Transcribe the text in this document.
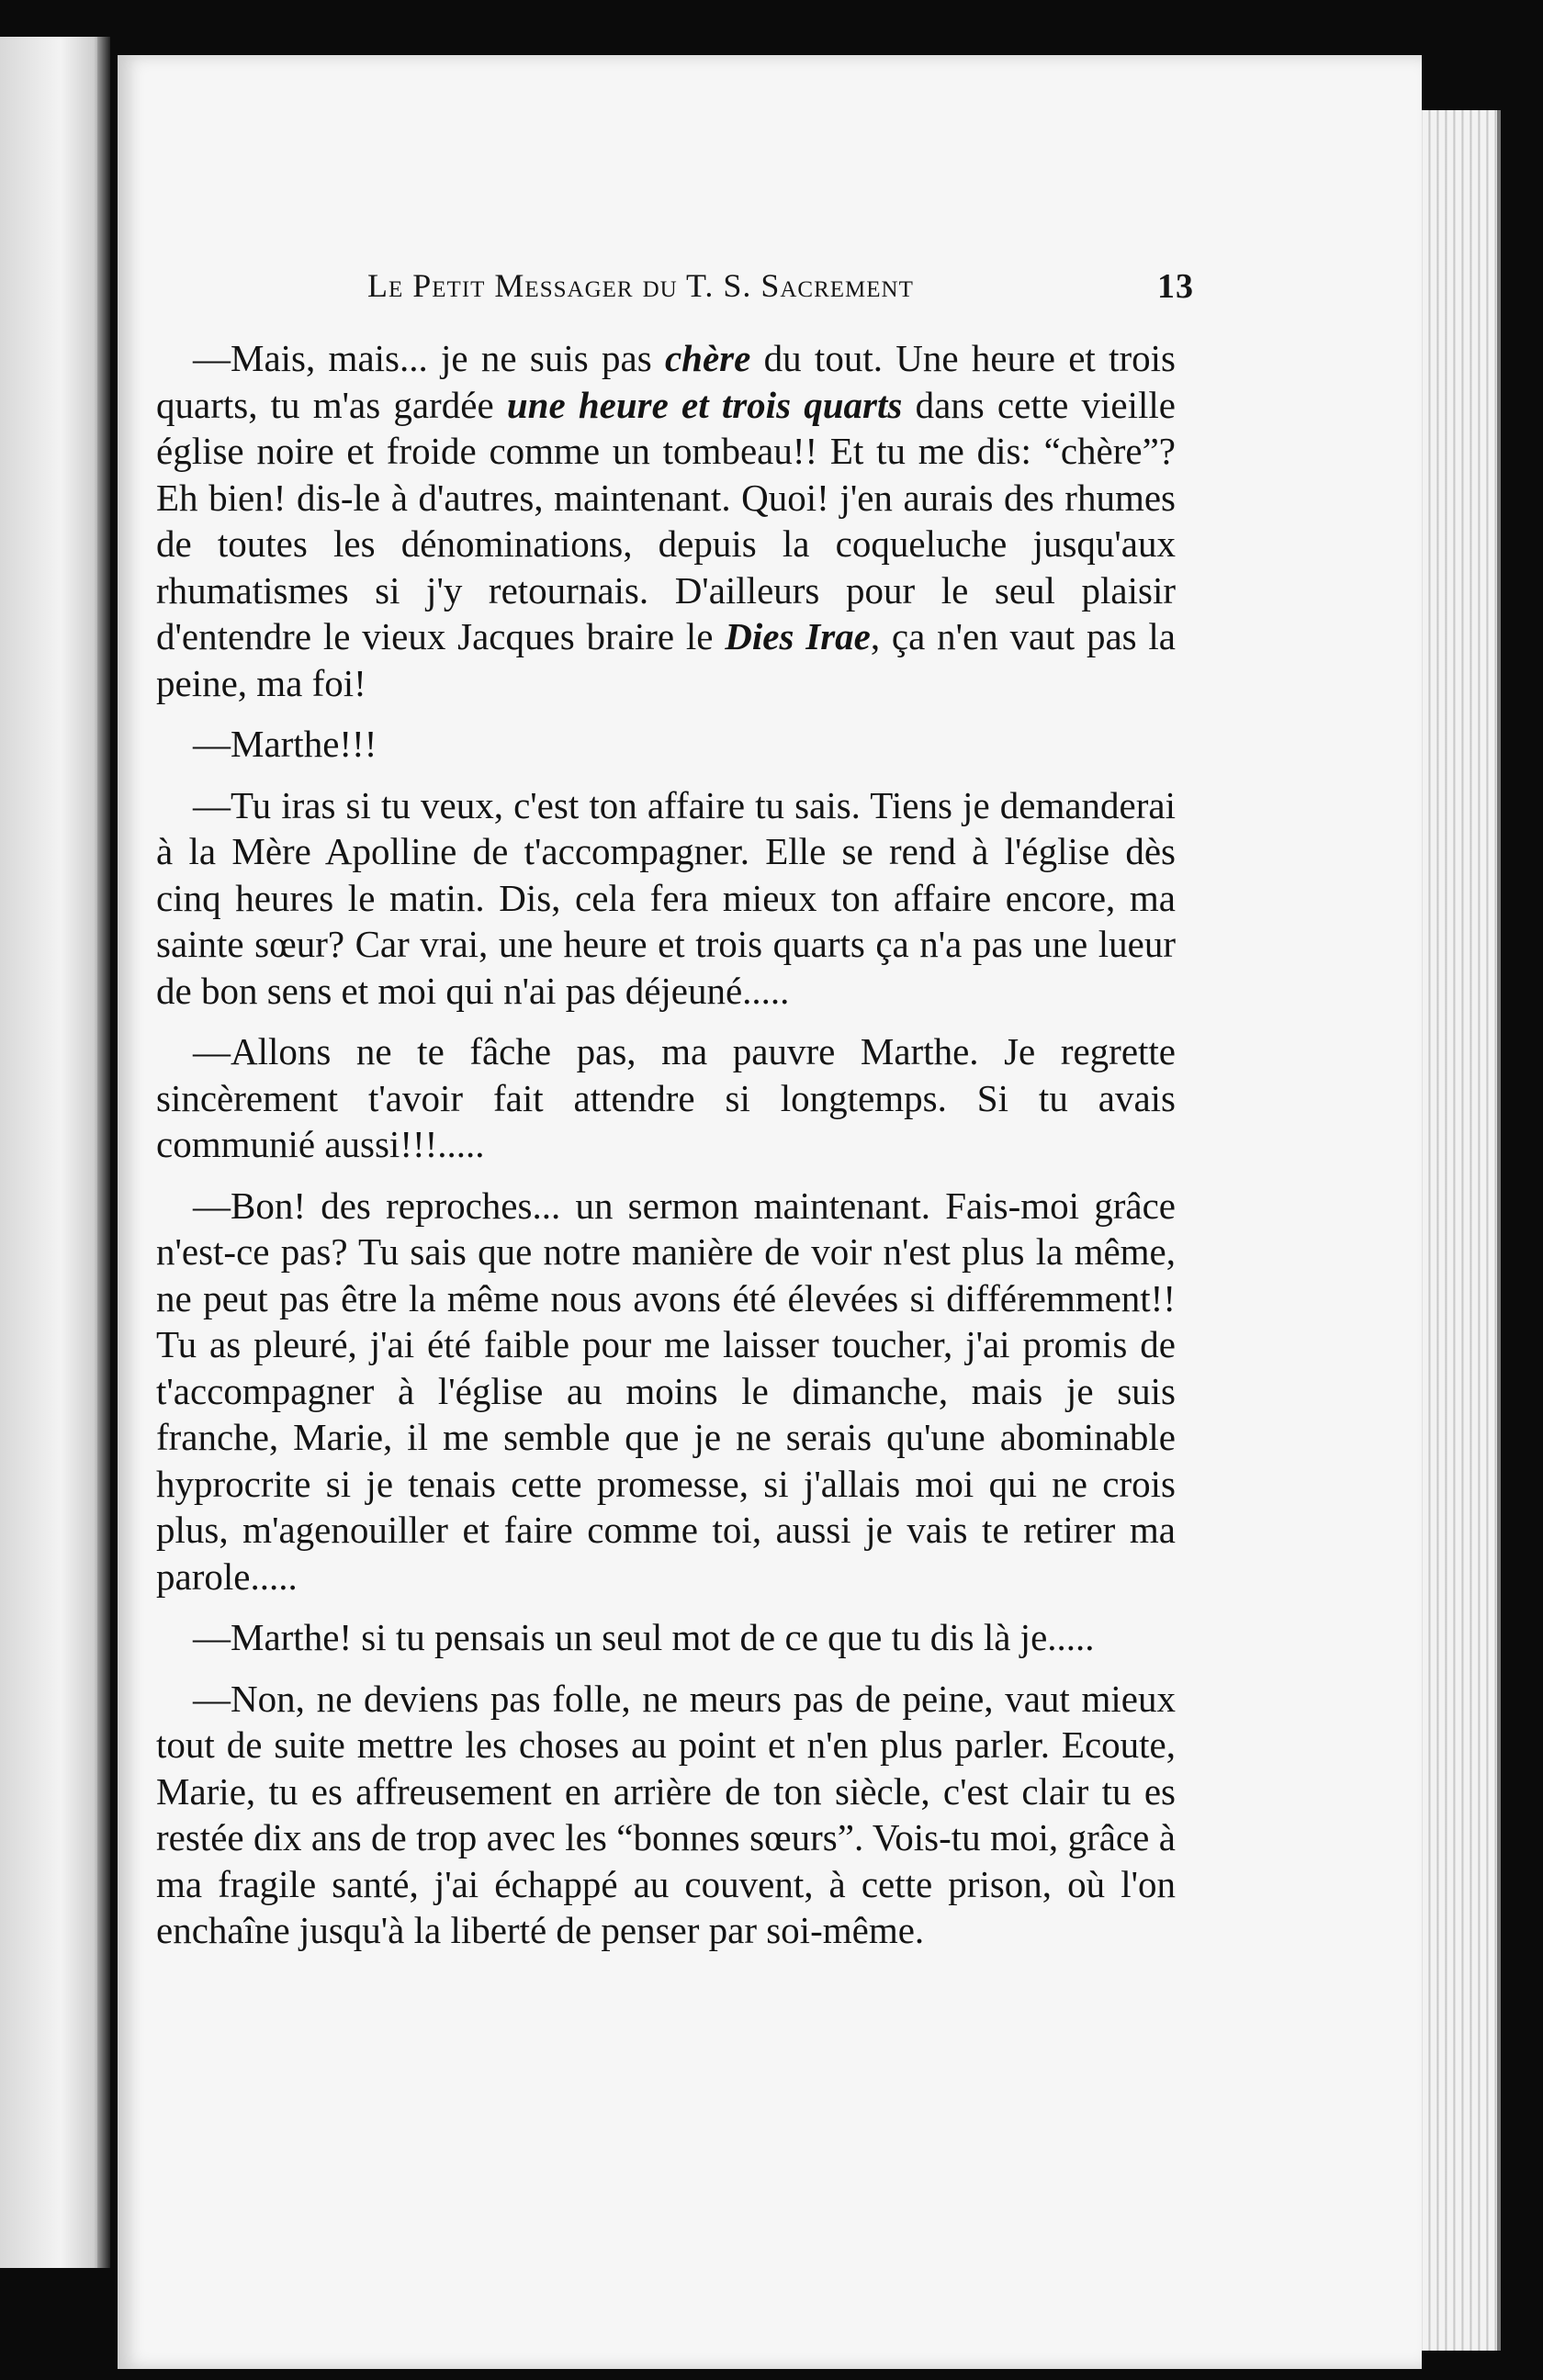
Le Petit Messager du T. S. Sacrement	13

—Mais, mais... je ne suis pas chère du tout. Une heure et trois quarts, tu m'as gardée une heure et trois quarts dans cette vieille église noire et froide comme un tombeau!! Et tu me dis: “chère”? Eh bien! dis-le à d'autres, maintenant. Quoi! j'en aurais des rhumes de toutes les dénominations, depuis la coqueluche jusqu'aux rhumatismes si j'y retournais. D'ailleurs pour le seul plaisir d'entendre le vieux Jacques braire le Dies Irae, ça n'en vaut pas la peine, ma foi!

—Marthe!!!

—Tu iras si tu veux, c'est ton affaire tu sais. Tiens je demanderai à la Mère Apolline de t'accompagner. Elle se rend à l'église dès cinq heures le matin. Dis, cela fera mieux ton affaire encore, ma sainte sœur? Car vrai, une heure et trois quarts ça n'a pas une lueur de bon sens et moi qui n'ai pas déjeuné.....

—Allons ne te fâche pas, ma pauvre Marthe. Je regrette sincèrement t'avoir fait attendre si longtemps. Si tu avais communié aussi!!!.....

—Bon! des reproches... un sermon maintenant. Fais-moi grâce n'est-ce pas? Tu sais que notre manière de voir n'est plus la même, ne peut pas être la même nous avons été élevées si différemment!! Tu as pleuré, j'ai été faible pour me laisser toucher, j'ai promis de t'accompagner à l'église au moins le dimanche, mais je suis franche, Marie, il me semble que je ne serais qu'une abominable hyprocrite si je tenais cette promesse, si j'allais moi qui ne crois plus, m'agenouiller et faire comme toi, aussi je vais te retirer ma parole.....

—Marthe! si tu pensais un seul mot de ce que tu dis là je.....

—Non, ne deviens pas folle, ne meurs pas de peine, vaut mieux tout de suite mettre les choses au point et n'en plus parler. Ecoute, Marie, tu es affreusement en arrière de ton siècle, c'est clair tu es restée dix ans de trop avec les “bonnes sœurs”. Vois-tu moi, grâce à ma fragile santé, j'ai échappé au couvent, à cette prison, où l'on enchaîne jusqu'à la liberté de penser par soi-même.
